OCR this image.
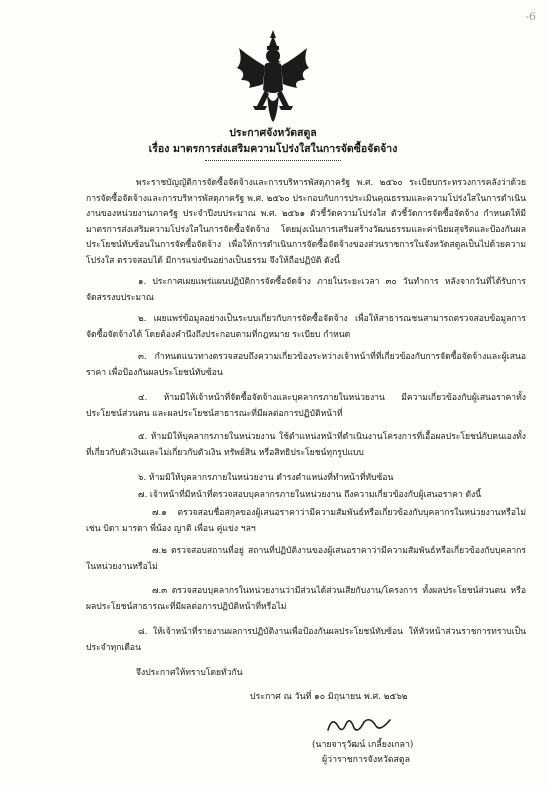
-6
ประกาศจังหวัดสตูล
เรื่อง มาตรการส่งเสริมความโปร่งใสในการจัดซื้อจัดจ้าง
พระราชบัญญัติการจัดซื้อจัดจ้างและการบริหารพัสดุภาครัฐ พ.ศ. ๒๕๖๐ ระเบียบกระทรวงการคลังว่าด้วยการจัดซื้อจัดจ้างและการบริหารพัสดุภาครัฐ พ.ศ. ๒๕๖๐ ประกอบกับการประเมินคุณธรรมและความโปร่งใสในการดำเนินงานของหน่วยงานภาครัฐ ประจำปีงบประมาณ พ.ศ. ๒๕๖๑ ตัวชี้วัดความโปร่งใส ตัวชี้วัดการจัดซื้อจัดจ้าง กำหนดให้มีมาตรการส่งเสริมความโปร่งใสในการจัดซื้อจัดจ้าง โดยมุ่งเน้นการเสริมสร้างวัฒนธรรมและค่านิยมสุจริตและป้องกันผลประโยชน์ทับซ้อนในการจัดซื้อจัดจ้าง เพื่อให้การดำเนินการจัดซื้อจัดจ้างของส่วนราชการในจังหวัดสตูลเป็นไปด้วยความโปร่งใส ตรวจสอบได้ มีการแข่งขันอย่างเป็นธรรม จึงให้ถือปฏิบัติ ดังนี้
๑. ประกาศเผยแพร่แผนปฏิบัติการจัดซื้อจัดจ้าง ภายในระยะเวลา ๓๐ วันทำการ หลังจากวันที่ได้รับการจัดสรรงบประมาณ
๒. เผยแพร่ข้อมูลอย่างเป็นระบบเกี่ยวกับการจัดซื้อจัดจ้าง เพื่อให้สาธารณชนสามารถตรวจสอบข้อมูลการจัดซื้อจัดจ้างได้ โดยต้องคำนึงถึงประกอบตามที่กฎหมาย ระเบียบ กำหนด
๓. กำหนดแนวทางตรวจสอบถึงความเกี่ยวข้องระหว่างเจ้าหน้าที่ที่เกี่ยวข้องกับการจัดซื้อจัดจ้างและผู้เสนอราคา เพื่อป้องกันผลประโยชน์ทับซ้อน
๔. ห้ามมิให้เจ้าหน้าที่จัดซื้อจัดจ้างและบุคลากรภายในหน่วยงาน มีความเกี่ยวข้องกับผู้เสนอราคาทั้งประโยชน์ส่วนตน และผลประโยชน์สาธารณะที่มีผลต่อการปฏิบัติหน้าที่
๕. ห้ามมิให้บุคลากรภายในหน่วยงาน ใช้ตำแหน่งหน้าที่ดำเนินงานโครงการที่เอื้อผลประโยชน์กับตนเองทั้งที่เกี่ยวกับตัวเงินและไม่เกี่ยวกับตัวเงิน ทรัพย์สิน หรือสิทธิประโยชน์ทุกรูปแบบ
๖. ห้ามมิให้บุคลากรภายในหน่วยงาน ดำรงตำแหน่งที่ทำหน้าที่ทับซ้อน
๗. เจ้าหน้าที่มีหน้าที่ตรวจสอบบุคลากรภายในหน่วยงาน ถึงความเกี่ยวข้องกับผู้เสนอราคา ดังนี้
๗.๑ ตรวจสอบชื่อสกุลของผู้เสนอราคาว่ามีความสัมพันธ์หรือเกี่ยวข้องกับบุคลากรในหน่วยงานหรือไม่ เช่น บิดา มารดา พี่น้อง ญาติ เพื่อน คู่แข่ง ฯลฯ
๗.๒ ตรวจสอบสถานที่อยู่ สถานที่ปฏิบัติงานของผู้เสนอราคาว่ามีความสัมพันธ์หรือเกี่ยวข้องกับบุคลากรในหน่วยงานหรือไม่
๗.๓ ตรวจสอบบุคลากรในหน่วยงานว่ามีส่วนได้ส่วนเสียกับงาน/โครงการ ทั้งผลประโยชน์ส่วนตน หรือผลประโยชน์สาธารณะที่มีผลต่อการปฏิบัติหน้าที่หรือไม่
๘. ให้เจ้าหน้าที่รายงานผลการปฏิบัติงานเพื่อป้องกันผลประโยชน์ทับซ้อน ให้หัวหน้าส่วนราชการทราบเป็นประจำทุกเดือน
จึงประกาศให้ทราบโดยทั่วกัน
ประกาศ ณ วันที่ ๑๐ มิถุนายน พ.ศ. ๒๕๖๒
(นายจารุวัฒน์ เกลี้ยงเกลา)
ผู้ว่าราชการจังหวัดสตูล
